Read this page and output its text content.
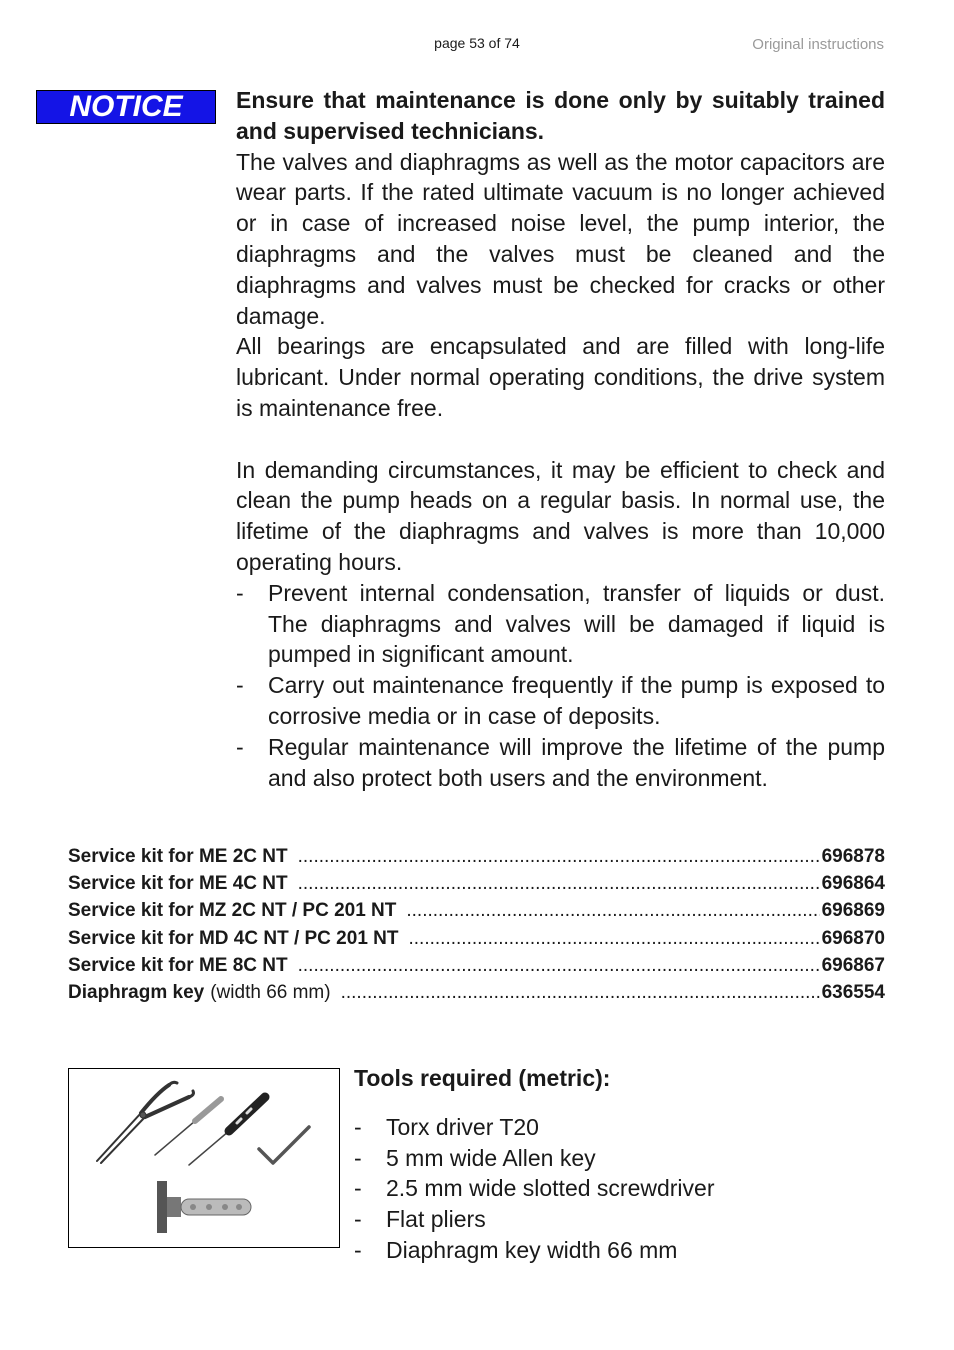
page 53 of 74	Original instructions
NOTICE	Ensure that maintenance is done only by suitably trained and supervised technicians.

The valves and diaphragms as well as the motor capacitors are wear parts. If the rated ultimate vacuum is no longer achieved or in case of increased noise level, the pump interior, the diaphragms and the valves must be cleaned and the diaphragms and valves must be checked for cracks or other damage.

All bearings are encapsulated and are filled with long-life lubricant. Under normal operating conditions, the drive system is maintenance free.

In demanding circumstances, it may be efficient to check and clean the pump heads on a regular basis. In normal use, the lifetime of the diaphragms and valves is more than 10,000 operating hours.

- Prevent internal condensation, transfer of liquids or dust. The diaphragms and valves will be damaged if liquid is pumped in significant amount.
- Carry out maintenance frequently if the pump is exposed to corrosive media or in case of deposits.
- Regular maintenance will improve the lifetime of the pump and also protect both users and the environment.
Service kit for ME 2C NT .....	696878
Service kit for ME 4C NT .....	696864
Service kit for MZ 2C NT / PC 201 NT .....	696869
Service kit for MD 4C NT / PC 201 NT .....	696870
Service kit for ME 8C NT .....	696867
Diaphragm key (width 66 mm) .....	636554
Tools required (metric):
- Torx driver T20
- 5 mm wide Allen key
- 2.5 mm wide slotted screwdriver
- Flat pliers
- Diaphragm key width 66 mm
